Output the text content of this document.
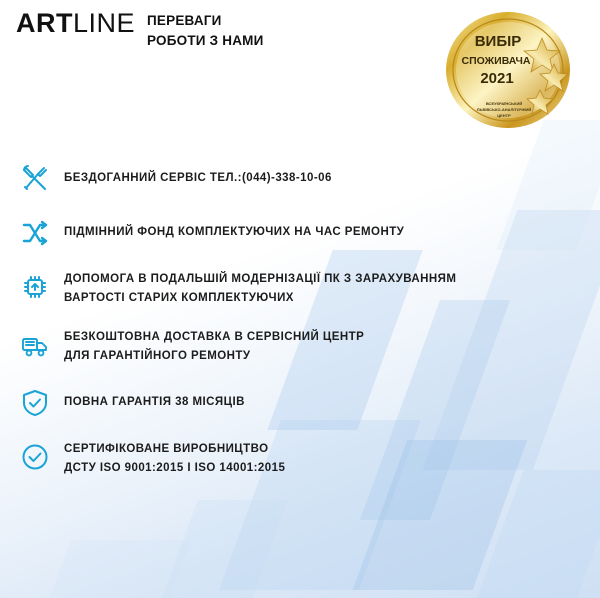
ARTLINE ПЕРЕВАГИ
РОБОТИ З НАМИ	ВИБІР
СПОЖИВАЧА
2021
ВСЕУКРАЇНСЬКИЙ
ЛЬВІВСЬКО-АНАЛІТИЧНИЙ
ЦЕНТР
БЕЗДОГАННИЙ СЕРВІС ТЕЛ.:(044)-338-10-06
ПІДМІННИЙ ФОНД КОМПЛЕКТУЮЧИХ НА ЧАС РЕМОНТУ
ДОПОМОГА В ПОДАЛЬШІЙ МОДЕРНІЗАЦІЇ ПК З ЗАРАХУВАННЯМ
ВАРТОСТІ СТАРИХ КОМПЛЕКТУЮЧИХ
БЕЗКОШТОВНА ДОСТАВКА В СЕРВІСНИЙ ЦЕНТР
ДЛЯ ГАРАНТІЙНОГО РЕМОНТУ
ПОВНА ГАРАНТІЯ 38 МІСЯЦІВ
СЕРТИФІКОВАНЕ ВИРОБНИЦТВО
ДСТУ ISO 9001:2015 І ISO 14001:2015
